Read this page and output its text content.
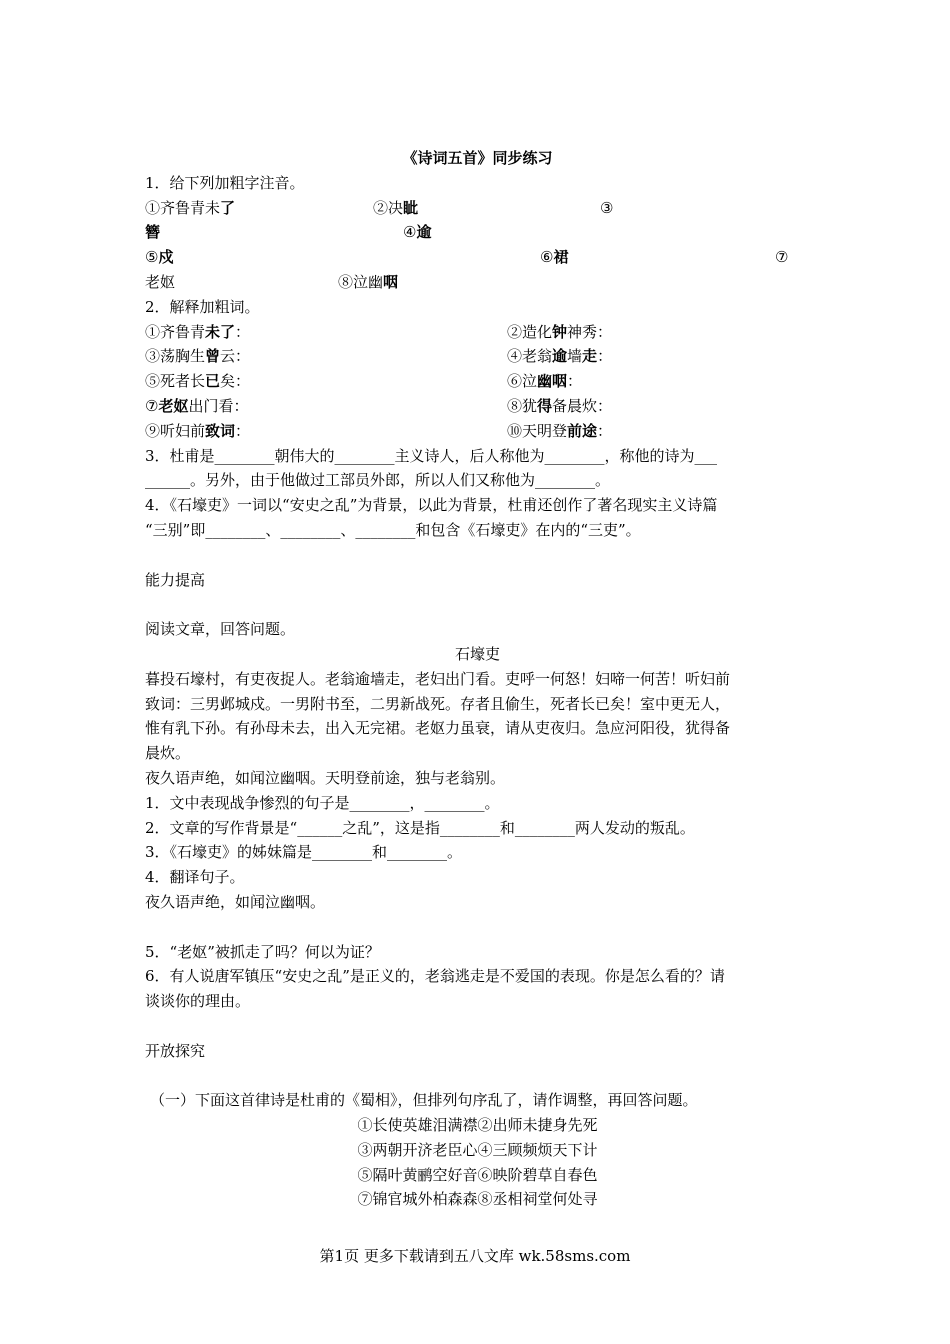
《诗词五首》同步练习
1．给下列加粗字注音。
①齐鲁青未了	②决眦	③
簪	④逾
⑤戍	⑥裙	⑦
老妪	⑧泣幽咽
2．解释加粗词。
①齐鲁青未了：	②造化钟神秀：
③荡胸生曾云：	④老翁逾墙走：
⑤死者长已矣：	⑥泣幽咽：
⑦老妪出门看：	⑧犹得备晨炊：
⑨听妇前致词：	⑩天明登前途：
3．杜甫是________朝伟大的________主义诗人，后人称他为________，称他的诗为___
______。另外，由于他做过工部员外郎，所以人们又称他为________。
4．《石壕吏》一词以“安史之乱”为背景，以此为背景，杜甫还创作了著名现实主义诗篇
“三别”即________、________、________和包含《石壕吏》在内的“三吏”。
能力提高
阅读文章，回答问题。
石壕吏
暮投石壕村，有吏夜捉人。老翁逾墙走，老妇出门看。吏呼一何怒！妇啼一何苦！听妇前
致词：三男邺城戍。一男附书至，二男新战死。存者且偷生，死者长已矣！室中更无人，
惟有乳下孙。有孙母未去，出入无完裙。老妪力虽衰，请从吏夜归。急应河阳役，犹得备
晨炊。
夜久语声绝，如闻泣幽咽。天明登前途，独与老翁别。
1．文中表现战争惨烈的句子是________，________。
2．文章的写作背景是“______之乱”，这是指________和________两人发动的叛乱。
3．《石壕吏》的姊妹篇是________和________。
4．翻译句子。
夜久语声绝，如闻泣幽咽。
5．“老妪”被抓走了吗？何以为证？
6．有人说唐军镇压“安史之乱”是正义的，老翁逃走是不爱国的表现。你是怎么看的？请
谈谈你的理由。
开放探究
（一）下面这首律诗是杜甫的《蜀相》，但排列句序乱了，请作调整，再回答问题。
①长使英雄泪满襟②出师未捷身先死
③两朝开济老臣心④三顾频烦天下计
⑤隔叶黄鹂空好音⑥映阶碧草自春色
⑦锦官城外柏森森⑧丞相祠堂何处寻
第1页 更多下载请到五八文库 wk.58sms.com
